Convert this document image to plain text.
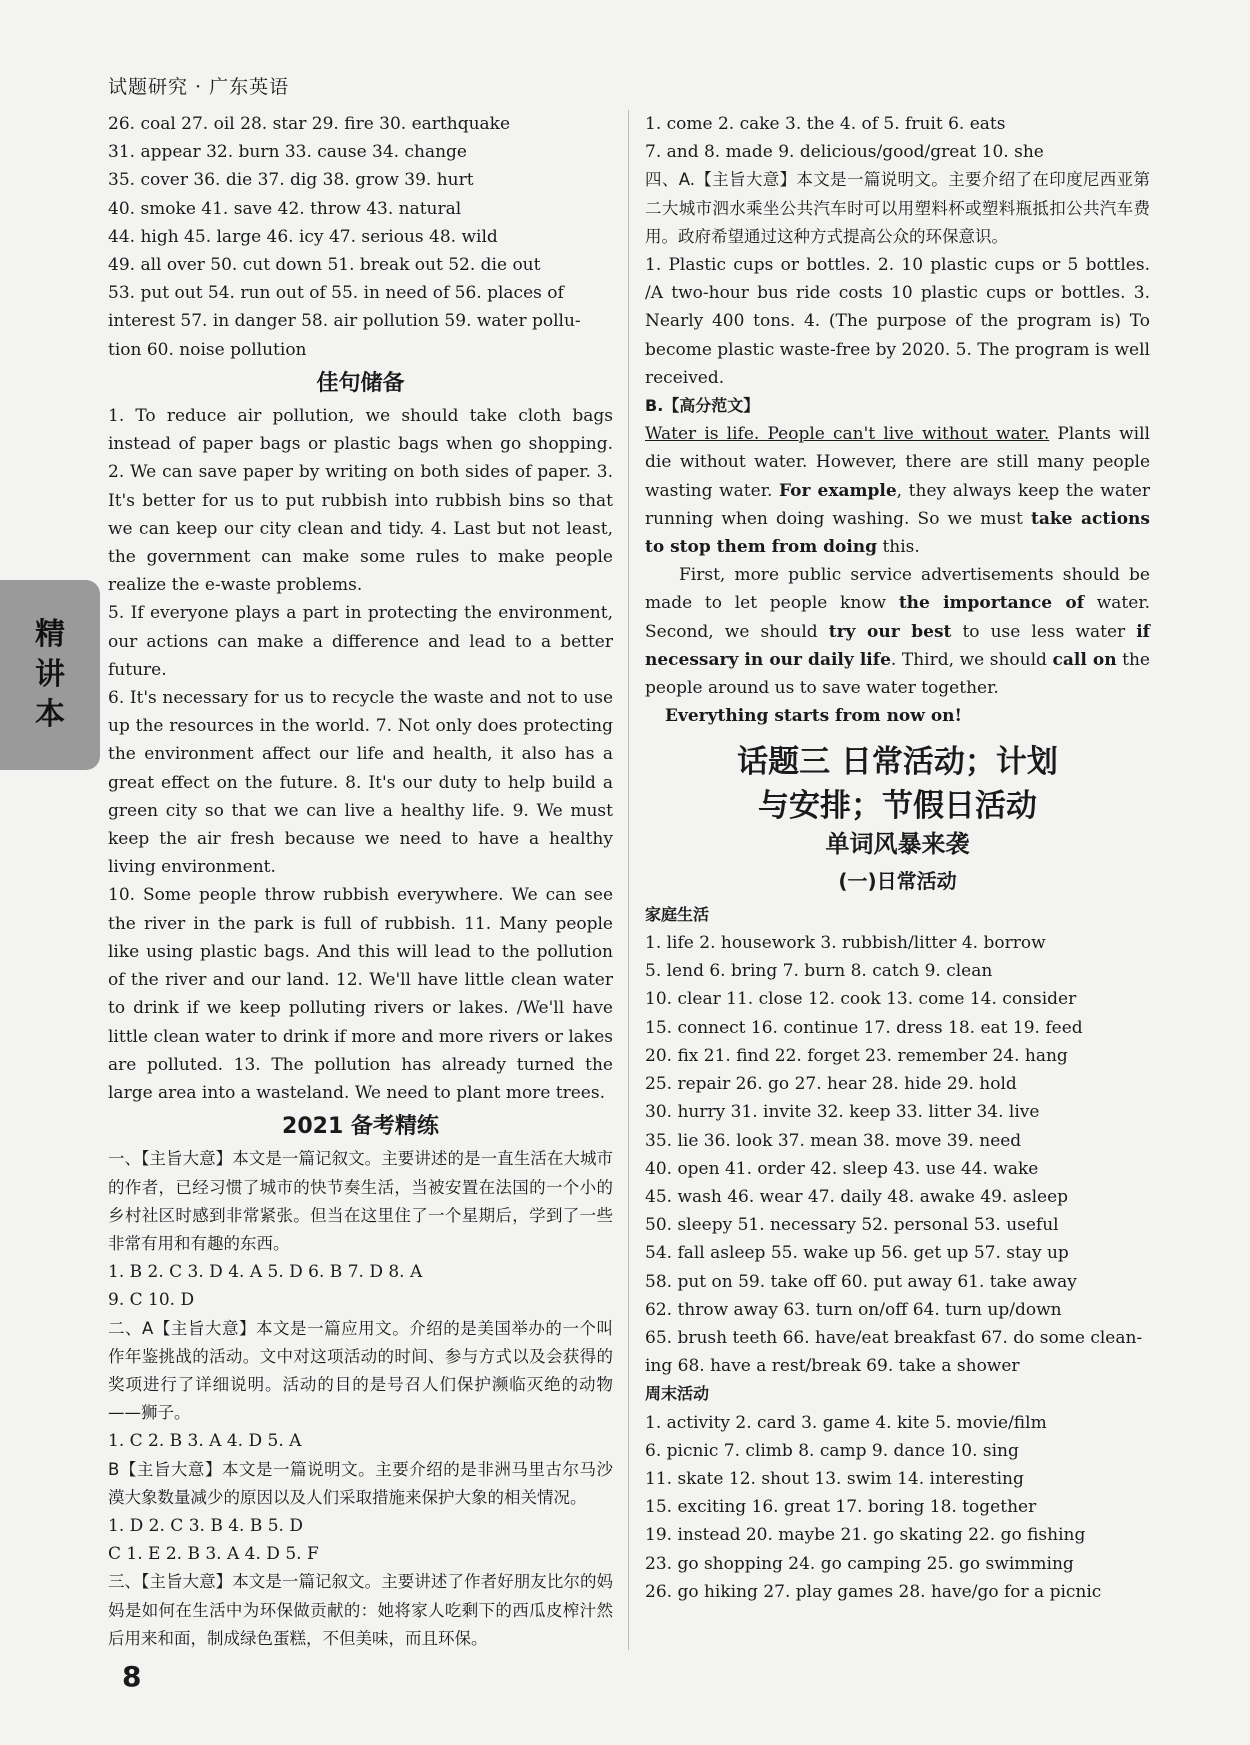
试题研究 · 广东英语
精
讲
本
26. coal 27. oil 28. star 29. fire 30. earthquake
31. appear 32. burn 33. cause 34. change
35. cover 36. die 37. dig 38. grow 39. hurt
40. smoke 41. save 42. throw 43. natural
44. high 45. large 46. icy 47. serious 48. wild
49. all over 50. cut down 51. break out 52. die out
53. put out 54. run out of 55. in need of 56. places of
interest 57. in danger 58. air pollution 59. water pollu-
tion 60. noise pollution
佳句储备
1. To reduce air pollution, we should take cloth bags instead of paper bags or plastic bags when go shopping. 2. We can save paper by writing on both sides of paper. 3. It's better for us to put rubbish into rubbish bins so that we can keep our city clean and tidy. 4. Last but not least, the government can make some rules to make people realize the e-waste problems.
5. If everyone plays a part in protecting the environment, our actions can make a difference and lead to a better future.
6. It's necessary for us to recycle the waste and not to use up the resources in the world. 7. Not only does protecting the environment affect our life and health, it also has a great effect on the future. 8. It's our duty to help build a green city so that we can live a healthy life. 9. We must keep the air fresh because we need to have a healthy living environment.
10. Some people throw rubbish everywhere. We can see the river in the park is full of rubbish. 11. Many people like using plastic bags. And this will lead to the pollution of the river and our land. 12. We'll have little clean water to drink if we keep polluting rivers or lakes. /We'll have little clean water to drink if more and more rivers or lakes are polluted. 13. The pollution has already turned the large area into a wasteland. We need to plant more trees.
2021 备考精练
一、【主旨大意】本文是一篇记叙文。主要讲述的是一直生活在大城市的作者，已经习惯了城市的快节奏生活，当被安置在法国的一个小的乡村社区时感到非常紧张。但当在这里住了一个星期后，学到了一些非常有用和有趣的东西。
1. B 2. C 3. D 4. A 5. D 6. B 7. D 8. A
9. C 10. D
二、A【主旨大意】本文是一篇应用文。介绍的是美国举办的一个叫作年鉴挑战的活动。文中对这项活动的时间、参与方式以及会获得的奖项进行了详细说明。活动的目的是号召人们保护濒临灭绝的动物——狮子。
1. C 2. B 3. A 4. D 5. A
B【主旨大意】本文是一篇说明文。主要介绍的是非洲马里古尔马沙漠大象数量减少的原因以及人们采取措施来保护大象的相关情况。
1. D 2. C 3. B 4. B 5. D
C 1. E 2. B 3. A 4. D 5. F
三、【主旨大意】本文是一篇记叙文。主要讲述了作者好朋友比尔的妈妈是如何在生活中为环保做贡献的：她将家人吃剩下的西瓜皮榨汁然后用来和面，制成绿色蛋糕，不但美味，而且环保。
1. come 2. cake 3. the 4. of 5. fruit 6. eats
7. and 8. made 9. delicious/good/great 10. she
四、A.【主旨大意】本文是一篇说明文。主要介绍了在印度尼西亚第二大城市泗水乘坐公共汽车时可以用塑料杯或塑料瓶抵扣公共汽车费用。政府希望通过这种方式提高公众的环保意识。
1. Plastic cups or bottles. 2. 10 plastic cups or 5 bottles. /A two-hour bus ride costs 10 plastic cups or bottles. 3. Nearly 400 tons. 4. (The purpose of the program is) To become plastic waste-free by 2020. 5. The program is well received.
B.【高分范文】
Water is life. People can't live without water. Plants will die without water. However, there are still many people wasting water. For example, they always keep the water running when doing washing. So we must take actions to stop them from doing this.
First, more public service advertisements should be made to let people know the importance of water. Second, we should try our best to use less water if necessary in our daily life. Third, we should call on the people around us to save water together.
Everything starts from now on!
话题三 日常活动；计划
与安排；节假日活动
单词风暴来袭
(一)日常活动
家庭生活
1. life 2. housework 3. rubbish/litter 4. borrow
5. lend 6. bring 7. burn 8. catch 9. clean
10. clear 11. close 12. cook 13. come 14. consider
15. connect 16. continue 17. dress 18. eat 19. feed
20. fix 21. find 22. forget 23. remember 24. hang
25. repair 26. go 27. hear 28. hide 29. hold
30. hurry 31. invite 32. keep 33. litter 34. live
35. lie 36. look 37. mean 38. move 39. need
40. open 41. order 42. sleep 43. use 44. wake
45. wash 46. wear 47. daily 48. awake 49. asleep
50. sleepy 51. necessary 52. personal 53. useful
54. fall asleep 55. wake up 56. get up 57. stay up
58. put on 59. take off 60. put away 61. take away
62. throw away 63. turn on/off 64. turn up/down
65. brush teeth 66. have/eat breakfast 67. do some clean-
ing 68. have a rest/break 69. take a shower
周末活动
1. activity 2. card 3. game 4. kite 5. movie/film
6. picnic 7. climb 8. camp 9. dance 10. sing
11. skate 12. shout 13. swim 14. interesting
15. exciting 16. great 17. boring 18. together
19. instead 20. maybe 21. go skating 22. go fishing
23. go shopping 24. go camping 25. go swimming
26. go hiking 27. play games 28. have/go for a picnic
8
